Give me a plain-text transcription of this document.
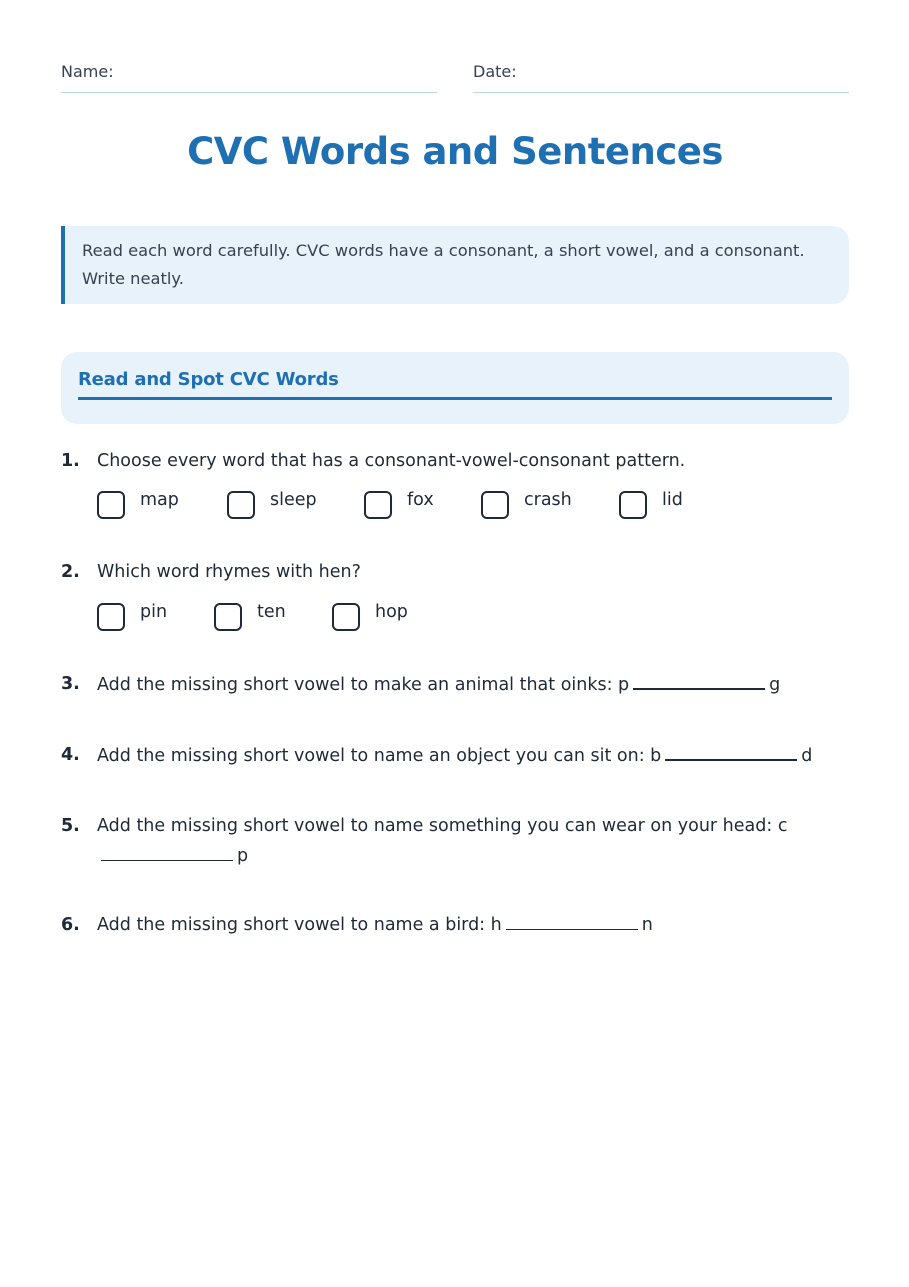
Name:	Date:
CVC Words and Sentences
Read each word carefully. CVC words have a consonant, a short vowel, and a consonant.
Write neatly.
Read and Spot CVC Words
1. Choose every word that has a consonant-vowel-consonant pattern.
map	sleep	fox	crash	lid
2. Which word rhymes with hen?
pin	ten	hop
3. Add the missing short vowel to make an animal that oinks: p	g
4. Add the missing short vowel to name an object you can sit on: b	d
5. Add the missing short vowel to name something you can wear on your head: c
p
6. Add the missing short vowel to name a bird: h	n
